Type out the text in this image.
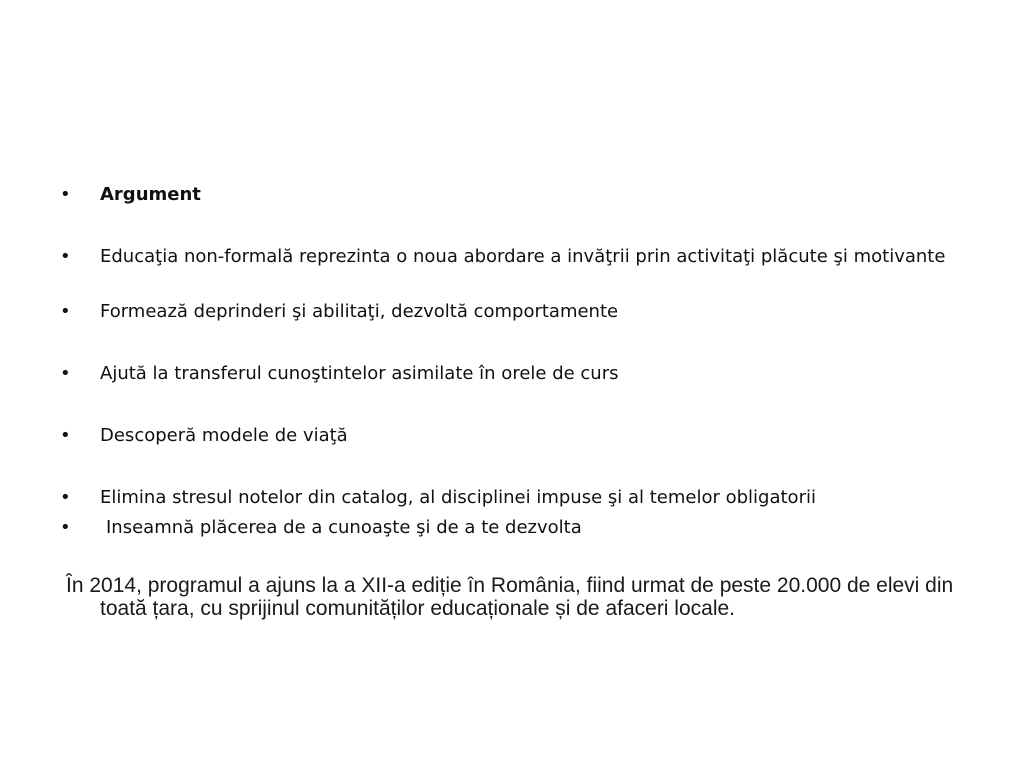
•	Argument
•	Educaţia non-formală reprezinta o noua abordare a invăţrii prin activitaţi plăcute şi motivante
•	Formează deprinderi şi abilitaţi, dezvoltă comportamente
•	Ajută la transferul cunoştintelor asimilate în orele de curs
•	Descoperă modele de viaţă
•	Elimina stresul notelor din catalog, al disciplinei impuse şi al temelor obligatorii
•	Inseamnă plăcerea de a cunoaşte şi de a te dezvolta
În 2014, programul a ajuns la a XII-a ediție în România, fiind urmat de peste 20.000 de elevi din toată țara, cu sprijinul comunităților educaționale și de afaceri locale.
